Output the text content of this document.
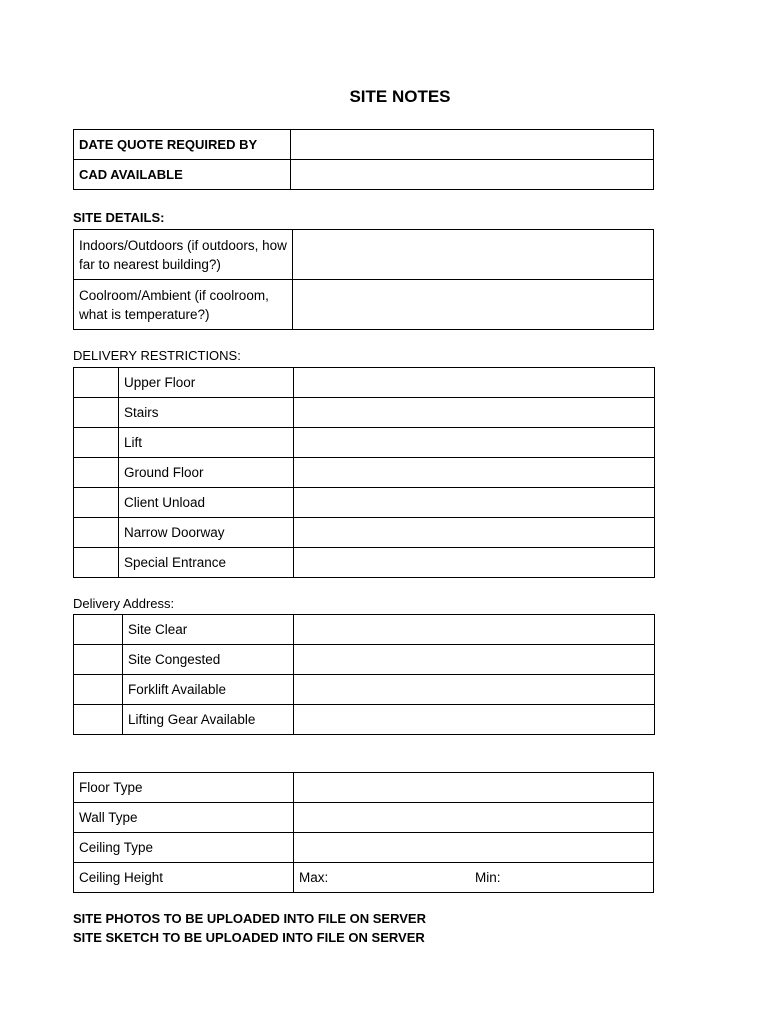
SITE NOTES
DATE QUOTE REQUIRED BY	
CAD AVAILABLE	
SITE DETAILS:
Indoors/Outdoors (if outdoors, how far to nearest building?)	
Coolroom/Ambient (if coolroom, what is temperature?)	
DELIVERY RESTRICTIONS:
	Upper Floor	
	Stairs	
	Lift	
	Ground Floor	
	Client Unload	
	Narrow Doorway	
	Special Entrance	
Delivery Address:
	Site Clear	
	Site Congested	
	Forklift Available	
	Lifting Gear Available	
Floor Type	
Wall Type	
Ceiling Type	
Ceiling Height	Max: Min:
SITE PHOTOS TO BE UPLOADED INTO FILE ON SERVER
SITE SKETCH TO BE UPLOADED INTO FILE ON SERVER
